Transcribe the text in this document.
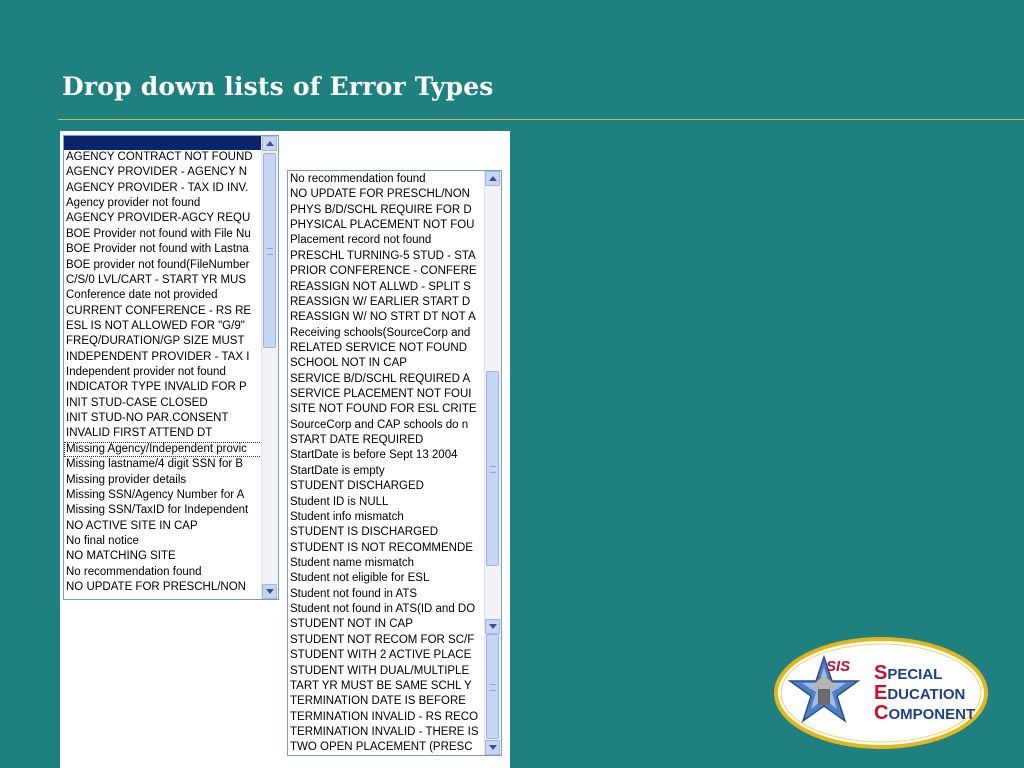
Drop down lists of Error Types
AGENCY CONTRACT NOT FOUND
AGENCY PROVIDER - AGENCY N
AGENCY PROVIDER - TAX ID INV.
Agency provider not found
AGENCY PROVIDER-AGCY REQU
BOE Provider not found with File Nu
BOE Provider not found with Lastna
BOE provider not found(FileNumber
C/S/0 LVL/CART - START YR MUS
Conference date not provided
CURRENT CONFERENCE - RS RE
ESL IS NOT ALLOWED FOR "G/9"
FREQ/DURATION/GP SIZE MUST
INDEPENDENT PROVIDER - TAX I
Independent provider not found
INDICATOR TYPE INVALID FOR P
INIT STUD-CASE CLOSED
INIT STUD-NO PAR.CONSENT
INVALID FIRST ATTEND DT
Missing Agency/Independent provic
Missing lastname/4 digit SSN for B
Missing provider details
Missing SSN/Agency Number for A
Missing SSN/TaxID for Independent
NO ACTIVE SITE IN CAP
No final notice
NO MATCHING SITE
No recommendation found
NO UPDATE FOR PRESCHL/NON
No recommendation found
NO UPDATE FOR PRESCHL/NON
PHYS B/D/SCHL REQUIRE FOR D
PHYSICAL PLACEMENT NOT FOU
Placement record not found
PRESCHL TURNING-5 STUD - STA
PRIOR CONFERENCE - CONFERE
REASSIGN NOT ALLWD - SPLIT S
REASSIGN W/ EARLIER START D
REASSIGN W/ NO STRT DT NOT A
Receiving schools(SourceCorp and
RELATED SERVICE NOT FOUND
SCHOOL NOT IN CAP
SERVICE B/D/SCHL REQUIRED A
SERVICE PLACEMENT NOT FOUI
SITE NOT FOUND FOR ESL CRITE
SourceCorp and CAP schools do n
START DATE REQUIRED
StartDate is before Sept 13 2004
StartDate is empty
STUDENT DISCHARGED
Student ID is NULL
Student info mismatch
STUDENT IS DISCHARGED
STUDENT IS NOT RECOMMENDE
Student name mismatch
Student not eligible for ESL
Student not found in ATS
Student not found in ATS(ID and DO
STUDENT NOT IN CAP
STUDENT NOT RECOM FOR SC/F
STUDENT WITH 2 ACTIVE PLACE
STUDENT WITH DUAL/MULTIPLE
TART YR MUST BE SAME SCHL Y
TERMINATION DATE IS BEFORE
TERMINATION INVALID - RS RECO
TERMINATION INVALID - THERE IS
TWO OPEN PLACEMENT (PRESC
SIS SPECIAL
EDUCATION
COMPONENT
